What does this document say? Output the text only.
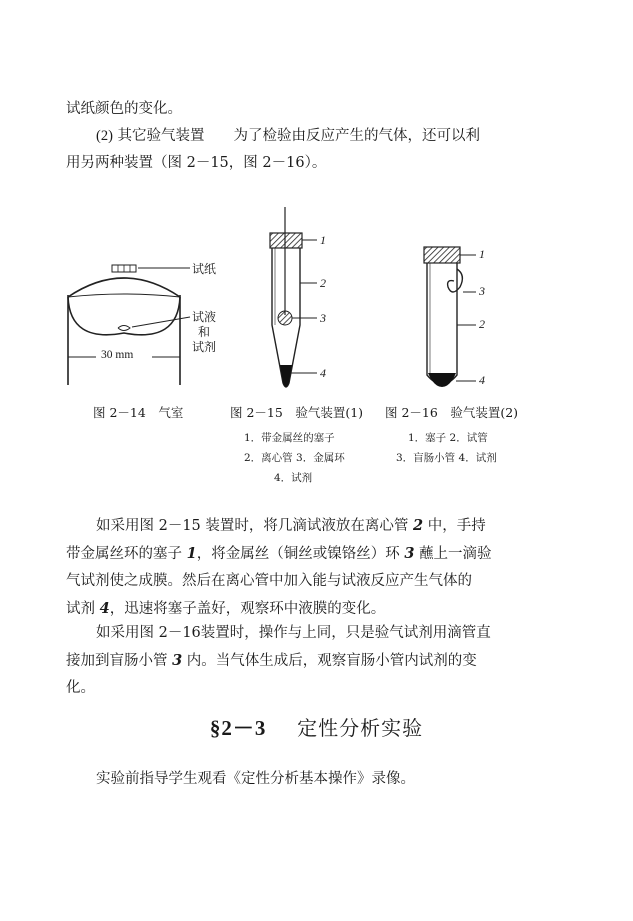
试纸颜色的变化。
(2) 其它验气装置　　为了检验由反应产生的气体，还可以利
用另两种装置（图 2－15，图 2－16）。
试纸
试液
和
试剂
30 mm
图 2－14　气室
1
2
3
4
图 2－15　验气装置(1)
1．带金属丝的塞子
2．离心管 3．金属环
4．试剂
1
3
2
4
图 2－16　验气装置(2)
1．塞子 2．试管
3．盲肠小管 4．试剂
如采用图 2－15 装置时，将几滴试液放在离心管 2 中，手持
带金属丝环的塞子 1，将金属丝（铜丝或镍铬丝）环 3 蘸上一滴验
气试剂使之成膜。然后在离心管中加入能与试液反应产生气体的
试剂 4，迅速将塞子盖好，观察环中液膜的变化。
如采用图 2－16装置时，操作与上同，只是验气试剂用滴管直
接加到盲肠小管 3 内。当气体生成后，观察盲肠小管内试剂的变
化。
§2－3 定性分析实验
实验前指导学生观看《定性分析基本操作》录像。
